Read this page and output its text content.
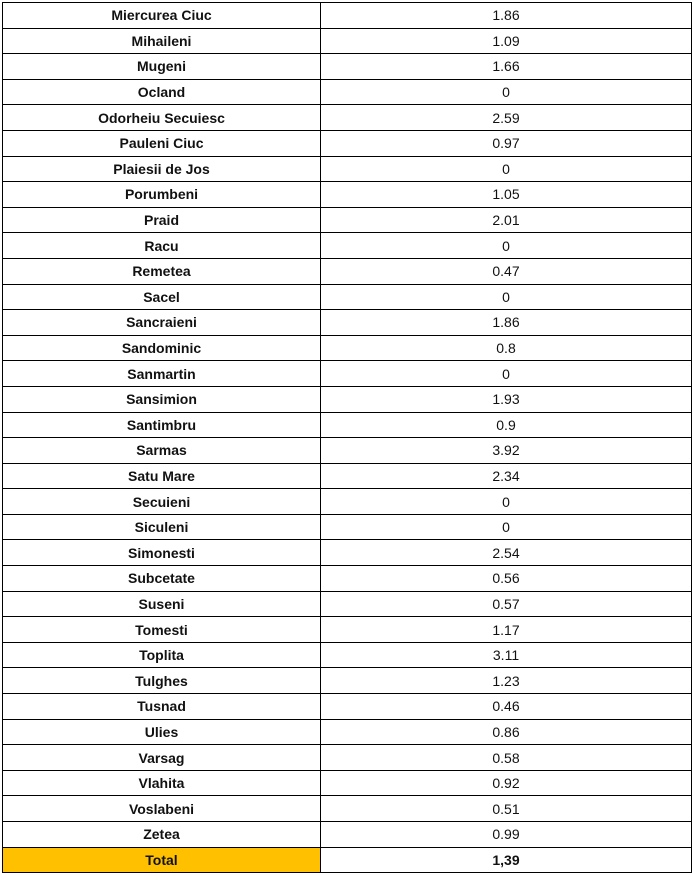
Miercurea Ciuc	1.86
Mihaileni	1.09
Mugeni	1.66
Ocland	0
Odorheiu Secuiesc	2.59
Pauleni Ciuc	0.97
Plaiesii de Jos	0
Porumbeni	1.05
Praid	2.01
Racu	0
Remetea	0.47
Sacel	0
Sancraieni	1.86
Sandominic	0.8
Sanmartin	0
Sansimion	1.93
Santimbru	0.9
Sarmas	3.92
Satu Mare	2.34
Secuieni	0
Siculeni	0
Simonesti	2.54
Subcetate	0.56
Suseni	0.57
Tomesti	1.17
Toplita	3.11
Tulghes	1.23
Tusnad	0.46
Ulies	0.86
Varsag	0.58
Vlahita	0.92
Voslabeni	0.51
Zetea	0.99
Total	1,39
